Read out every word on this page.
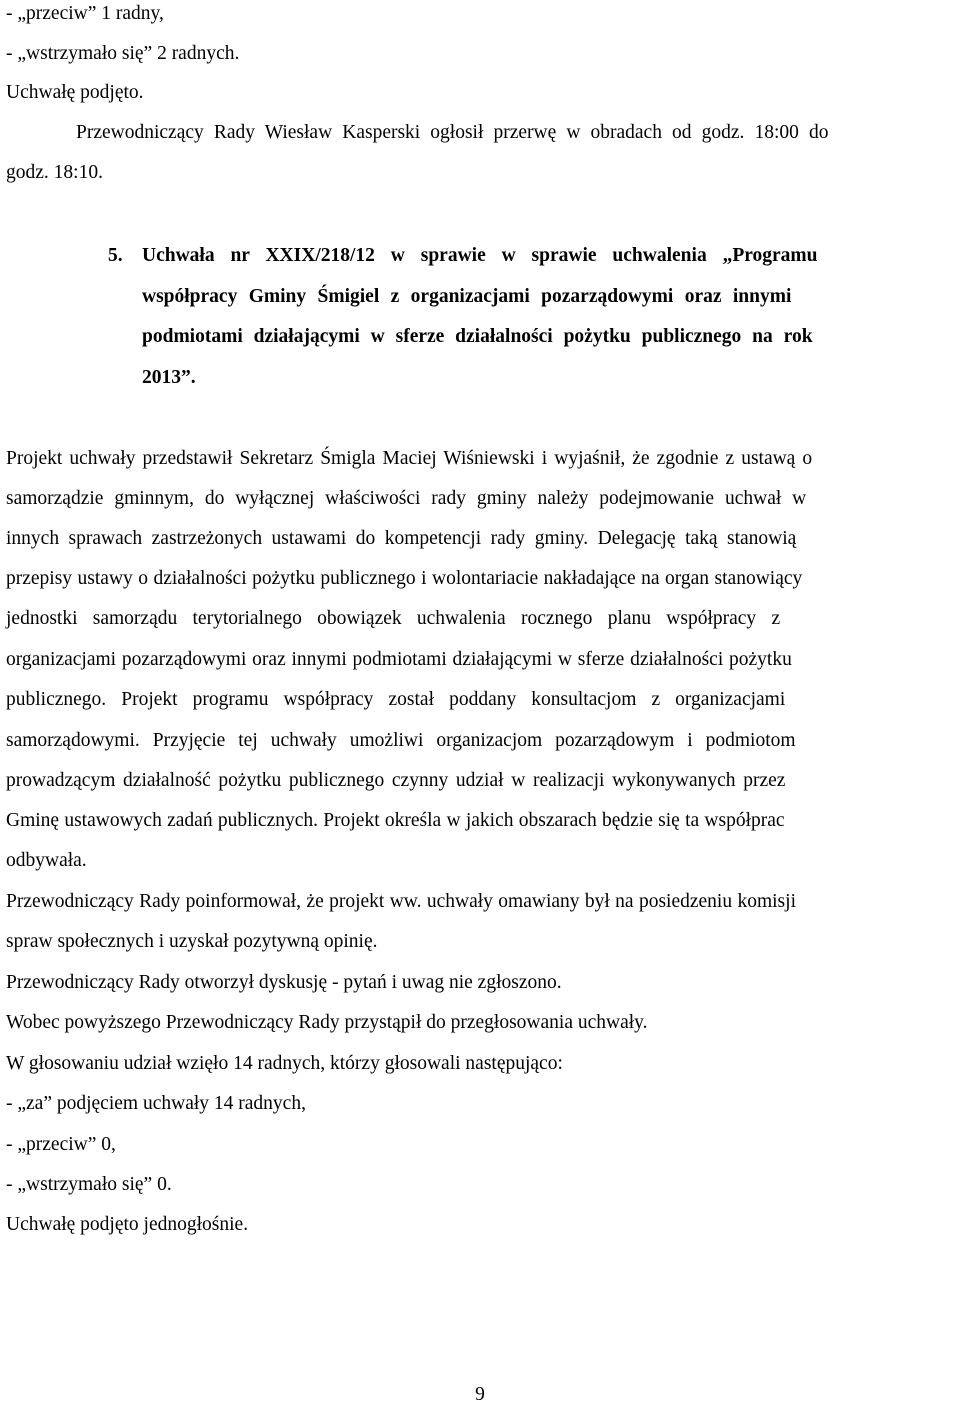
- „przeciw” 1 radny,
- „wstrzymało się” 2 radnych.
Uchwałę podjęto.
Przewodniczący Rady Wiesław Kasperski ogłosił przerwę w obradach od godz. 18:00 do
godz. 18:10.
5. Uchwała nr XXIX/218/12 w sprawie w sprawie uchwalenia „Programu
współpracy Gminy Śmigiel z organizacjami pozarządowymi oraz innymi
podmiotami działającymi w sferze działalności pożytku publicznego na rok
2013”.
Projekt uchwały przedstawił Sekretarz Śmigla Maciej Wiśniewski i wyjaśnił, że zgodnie z ustawą o
samorządzie gminnym, do wyłącznej właściwości rady gminy należy podejmowanie uchwał w
innych sprawach zastrzeżonych ustawami do kompetencji rady gminy. Delegację taką stanowią
przepisy ustawy o działalności pożytku publicznego i wolontariacie nakładające na organ stanowiący
jednostki samorządu terytorialnego obowiązek uchwalenia rocznego planu współpracy z
organizacjami pozarządowymi oraz innymi podmiotami działającymi w sferze działalności pożytku
publicznego. Projekt programu współpracy został poddany konsultacjom z organizacjami
samorządowymi. Przyjęcie tej uchwały umożliwi organizacjom pozarządowym i podmiotom
prowadzącym działalność pożytku publicznego czynny udział w realizacji wykonywanych przez
Gminę ustawowych zadań publicznych. Projekt określa w jakich obszarach będzie się ta współprac
odbywała.
Przewodniczący Rady poinformował, że projekt ww. uchwały omawiany był na posiedzeniu komisji
spraw społecznych i uzyskał pozytywną opinię.
Przewodniczący Rady otworzył dyskusję - pytań i uwag nie zgłoszono.
Wobec powyższego Przewodniczący Rady przystąpił do przegłosowania uchwały.
W głosowaniu udział wzięło 14 radnych, którzy głosowali następująco:
- „za” podjęciem uchwały 14 radnych,
- „przeciw” 0,
- „wstrzymało się” 0.
Uchwałę podjęto jednogłośnie.
9
